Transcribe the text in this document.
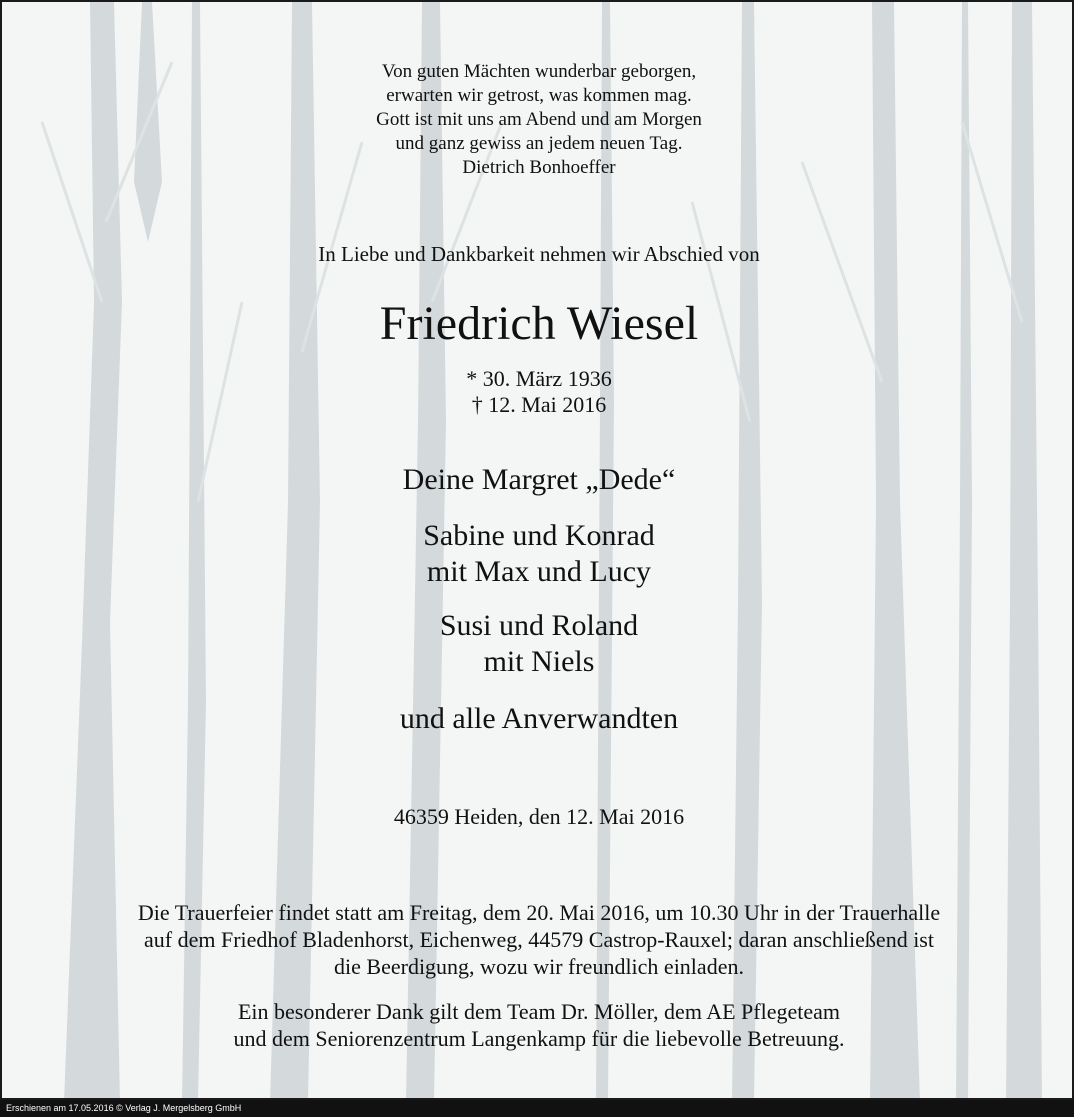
Von guten Mächten wunderbar geborgen,
erwarten wir getrost, was kommen mag.
Gott ist mit uns am Abend und am Morgen
und ganz gewiss an jedem neuen Tag.
Dietrich Bonhoeffer

In Liebe und Dankbarkeit nehmen wir Abschied von

Friedrich Wiesel

* 30. März 1936
† 12. Mai 2016

Deine Margret „Dede“

Sabine und Konrad
mit Max und Lucy
Susi und Roland
mit Niels

und alle Anverwandten

46359 Heiden, den 12. Mai 2016

Die Trauerfeier findet statt am Freitag, dem 20. Mai 2016, um 10.30 Uhr in der Trauerhalle
auf dem Friedhof Bladenhorst, Eichenweg, 44579 Castrop-Rauxel; daran anschließend ist
die Beerdigung, wozu wir freundlich einladen.
Ein besonderer Dank gilt dem Team Dr. Möller, dem AE Pflegeteam
und dem Seniorenzentrum Langenkamp für die liebevolle Betreuung.
Erschienen am 17.05.2016 © Verlag J. Mergelsberg GmbH
